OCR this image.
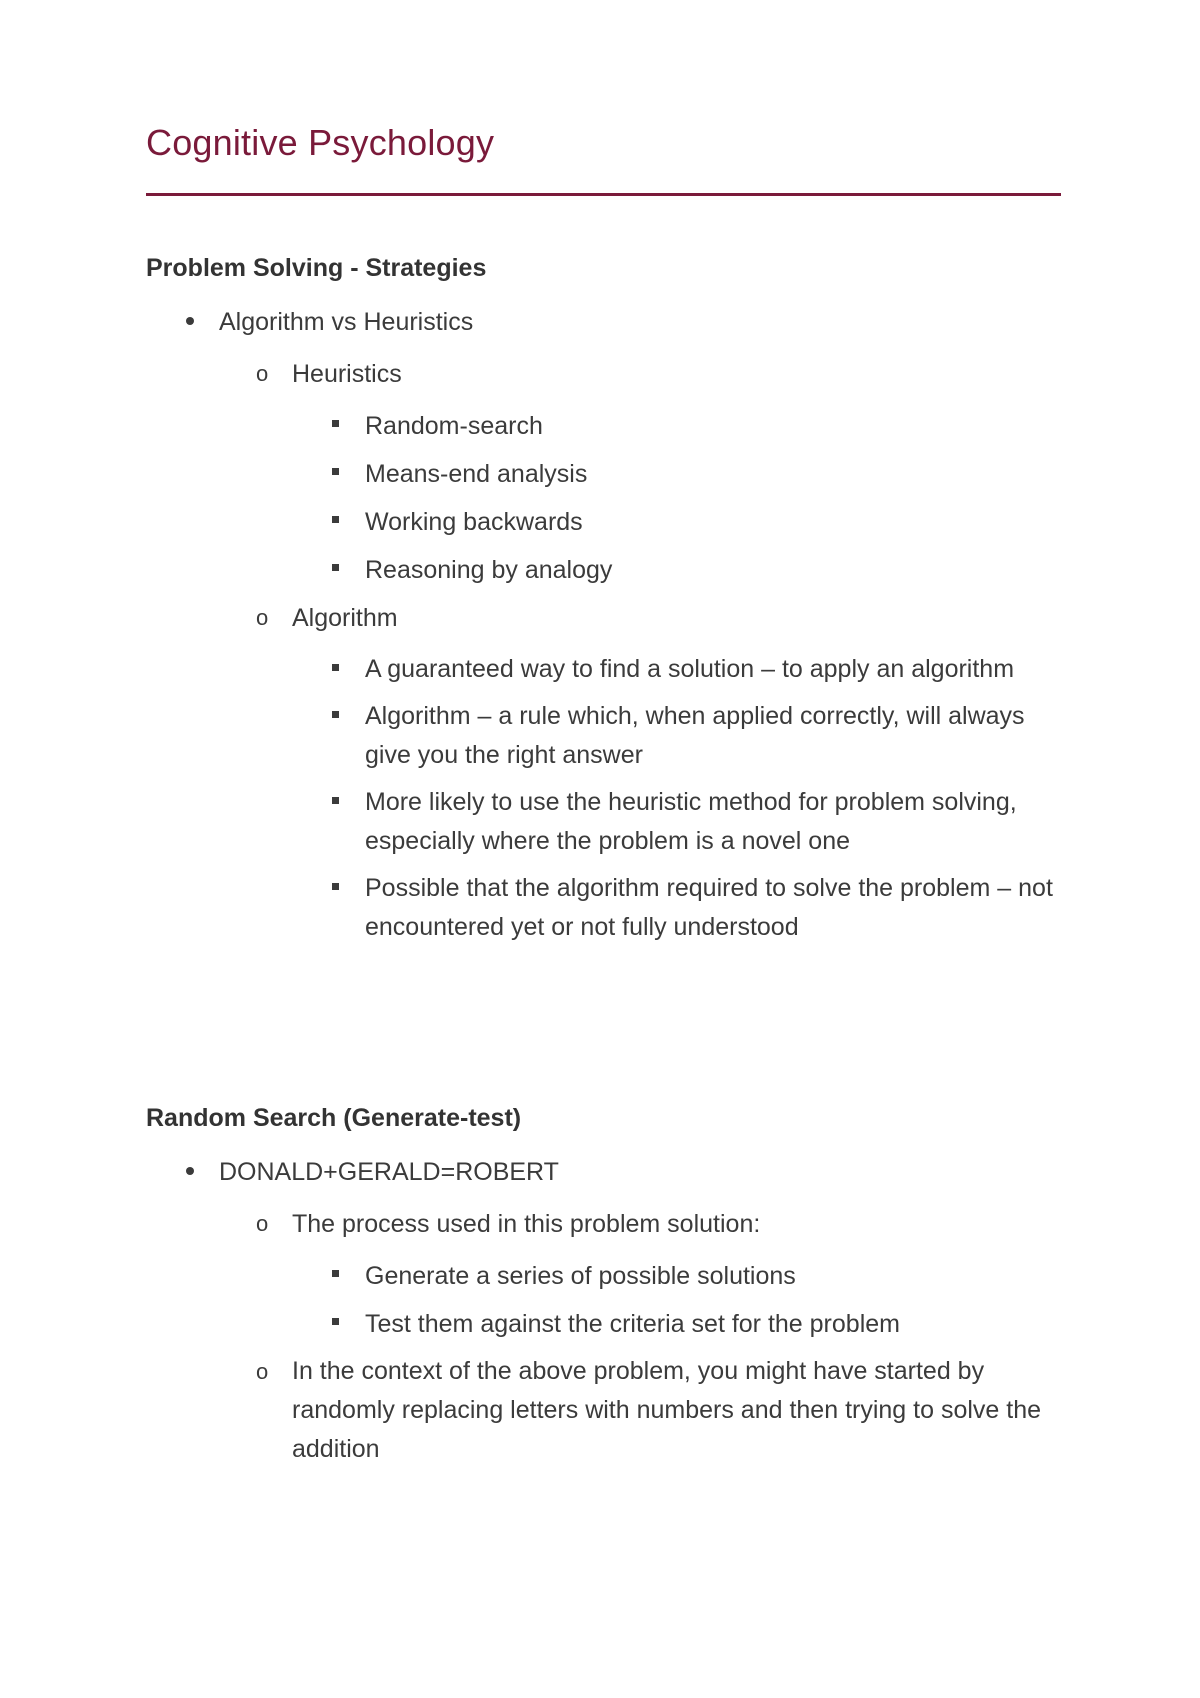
Cognitive Psychology
Problem Solving - Strategies
Algorithm vs Heuristics
o Heuristics
Random-search
Means-end analysis
Working backwards
Reasoning by analogy
o Algorithm
A guaranteed way to find a solution – to apply an algorithm
Algorithm – a rule which, when applied correctly, will always give you the right answer
More likely to use the heuristic method for problem solving, especially where the problem is a novel one
Possible that the algorithm required to solve the problem – not encountered yet or not fully understood
Random Search (Generate-test)
DONALD+GERALD=ROBERT
o The process used in this problem solution:
Generate a series of possible solutions
Test them against the criteria set for the problem
o In the context of the above problem, you might have started by randomly replacing letters with numbers and then trying to solve the addition
